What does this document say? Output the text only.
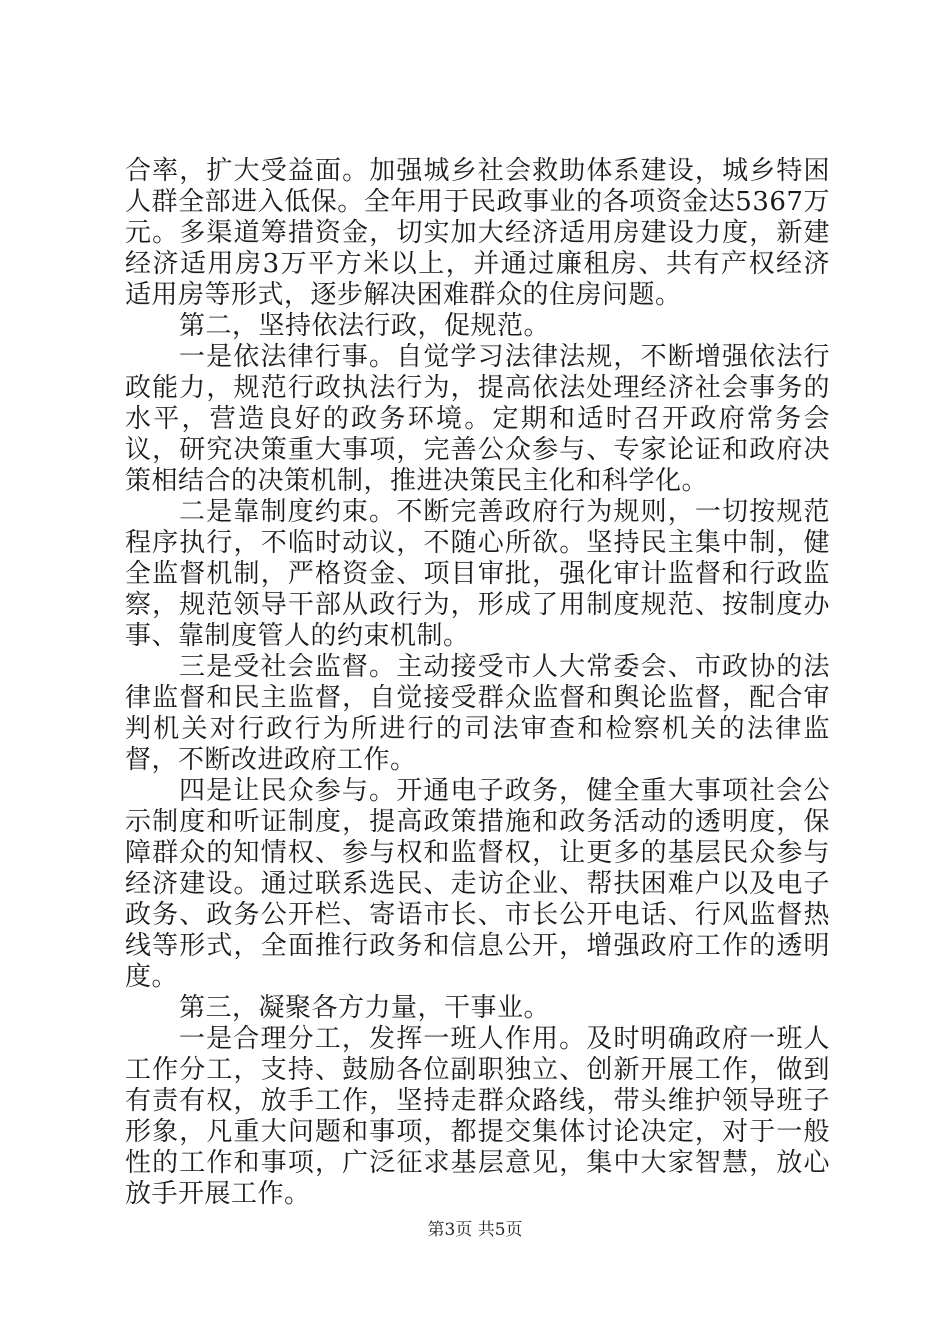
合率，扩大受益面。加强城乡社会救助体系建设，城乡特困人群全部进入低保。全年用于民政事业的各项资金达5367万元。多渠道筹措资金，切实加大经济适用房建设力度，新建经济适用房3万平方米以上，并通过廉租房、共有产权经济适用房等形式，逐步解决困难群众的住房问题。

第二，坚持依法行政，促规范。

一是依法律行事。自觉学习法律法规，不断增强依法行政能力，规范行政执法行为，提高依法处理经济社会事务的水平，营造良好的政务环境。定期和适时召开政府常务会议，研究决策重大事项，完善公众参与、专家论证和政府决策相结合的决策机制，推进决策民主化和科学化。

二是靠制度约束。不断完善政府行为规则，一切按规范程序执行，不临时动议，不随心所欲。坚持民主集中制，健全监督机制，严格资金、项目审批，强化审计监督和行政监察，规范领导干部从政行为，形成了用制度规范、按制度办事、靠制度管人的约束机制。

三是受社会监督。主动接受市人大常委会、市政协的法律监督和民主监督，自觉接受群众监督和舆论监督，配合审判机关对行政行为所进行的司法审查和检察机关的法律监督，不断改进政府工作。

四是让民众参与。开通电子政务，健全重大事项社会公示制度和听证制度，提高政策措施和政务活动的透明度，保障群众的知情权、参与权和监督权，让更多的基层民众参与经济建设。通过联系选民、走访企业、帮扶困难户以及电子政务、政务公开栏、寄语市长、市长公开电话、行风监督热线等形式，全面推行政务和信息公开，增强政府工作的透明度。

第三，凝聚各方力量，干事业。

一是合理分工，发挥一班人作用。及时明确政府一班人工作分工，支持、鼓励各位副职独立、创新开展工作，做到有责有权，放手工作，坚持走群众路线，带头维护领导班子形象，凡重大问题和事项，都提交集体讨论决定，对于一般性的工作和事项，广泛征求基层意见，集中大家智慧，放心放手开展工作。

第3页 共5页
